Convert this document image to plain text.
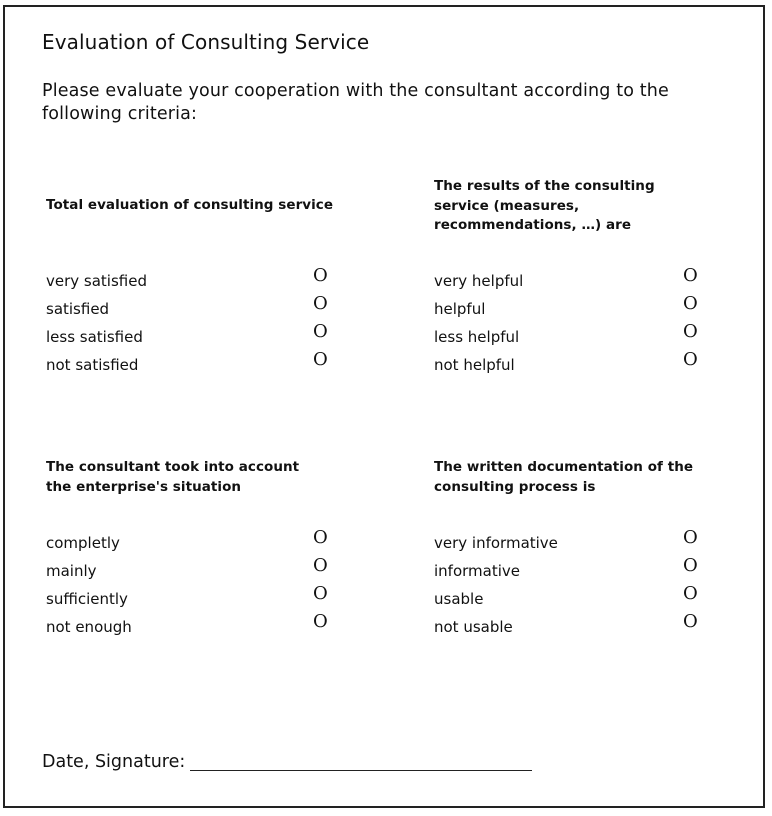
Evaluation of Consulting Service
Please evaluate your cooperation with the consultant according to the following criteria:
Total evaluation of consulting service
very satisfied	O
satisfied	O
less satisfied	O
not satisfied	O
The results of the consulting service (measures, recommendations, …) are
very helpful	O
helpful	O
less helpful	O
not helpful	O
The consultant took into account the enterprise's situation
completly	O
mainly	O
sufficiently	O
not enough	O
The written documentation of the consulting process is
very informative	O
informative	O
usable	O
not usable	O
Date, Signature:
